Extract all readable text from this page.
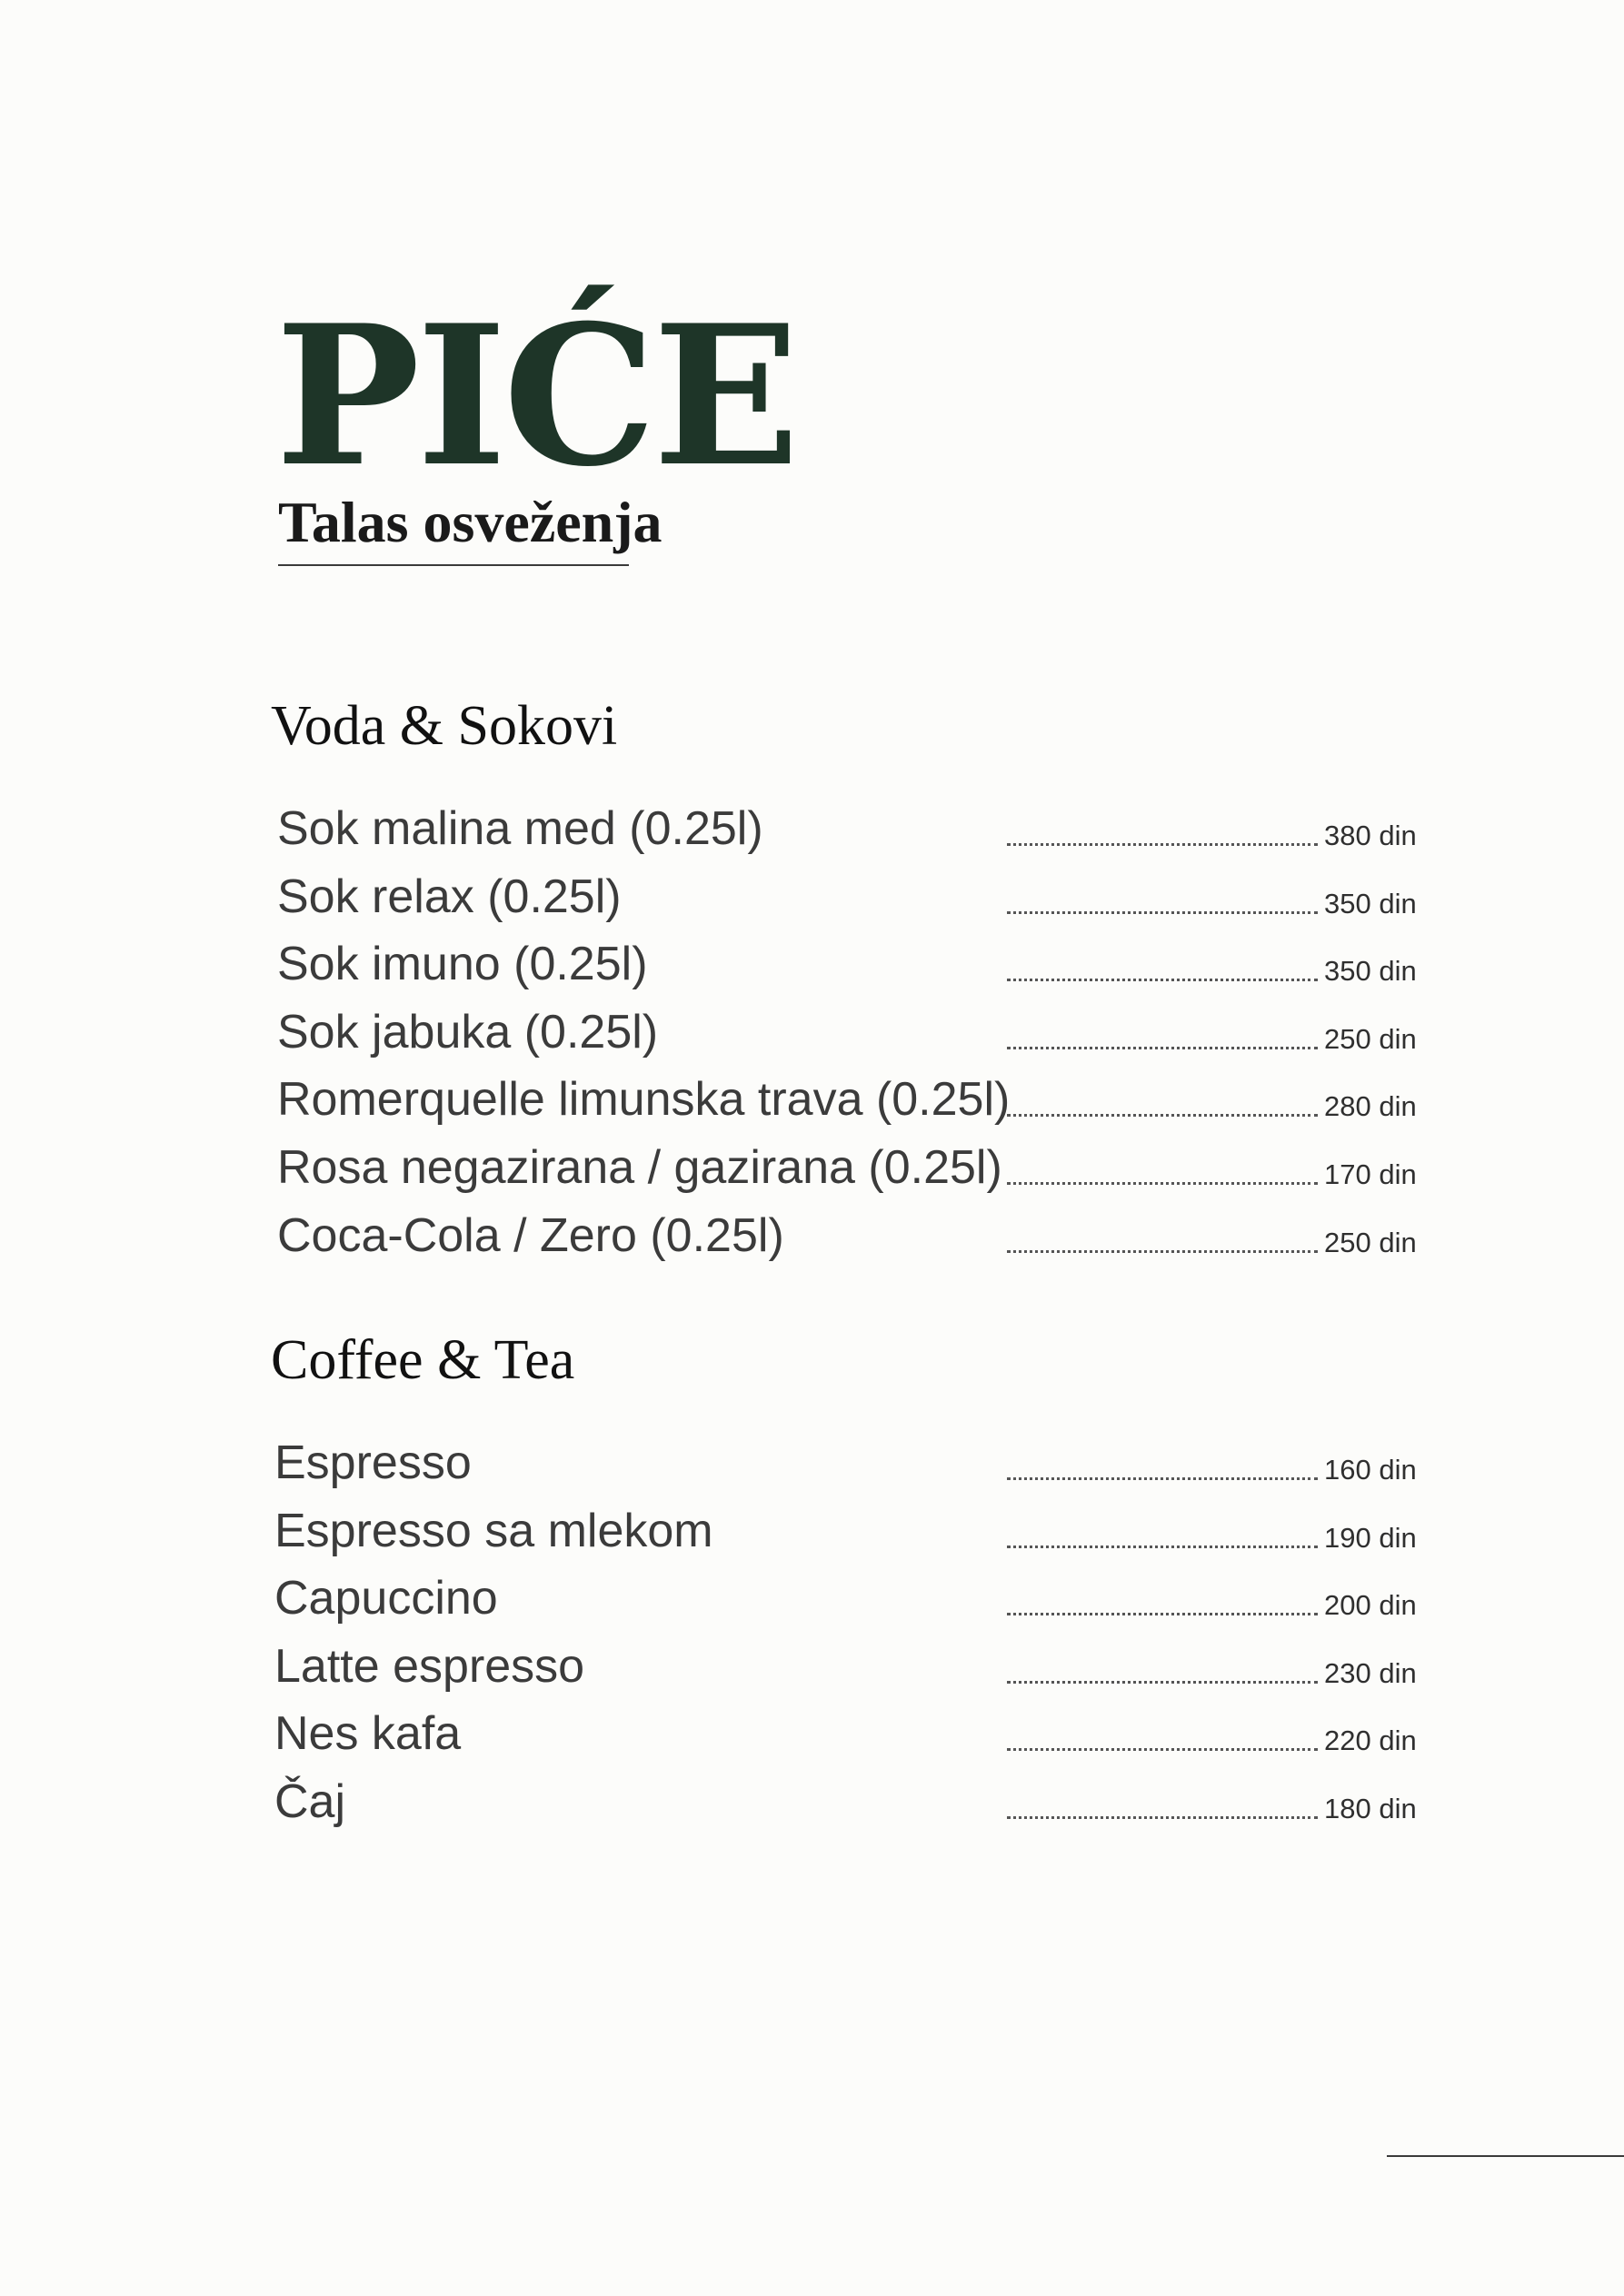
PIĆE
Talas osveženja
Voda & Sokovi
Sok malina med (0.25l)	380 din
Sok relax (0.25l)	350 din
Sok imuno (0.25l)	350 din
Sok jabuka (0.25l)	250 din
Romerquelle limunska trava (0.25l)	280 din
Rosa negazirana / gazirana (0.25l)	170 din
Coca-Cola / Zero (0.25l)	250 din
Coffee & Tea
Espresso	160 din
Espresso sa mlekom	190 din
Capuccino	200 din
Latte espresso	230 din
Nes kafa	220 din
Čaj	180 din
